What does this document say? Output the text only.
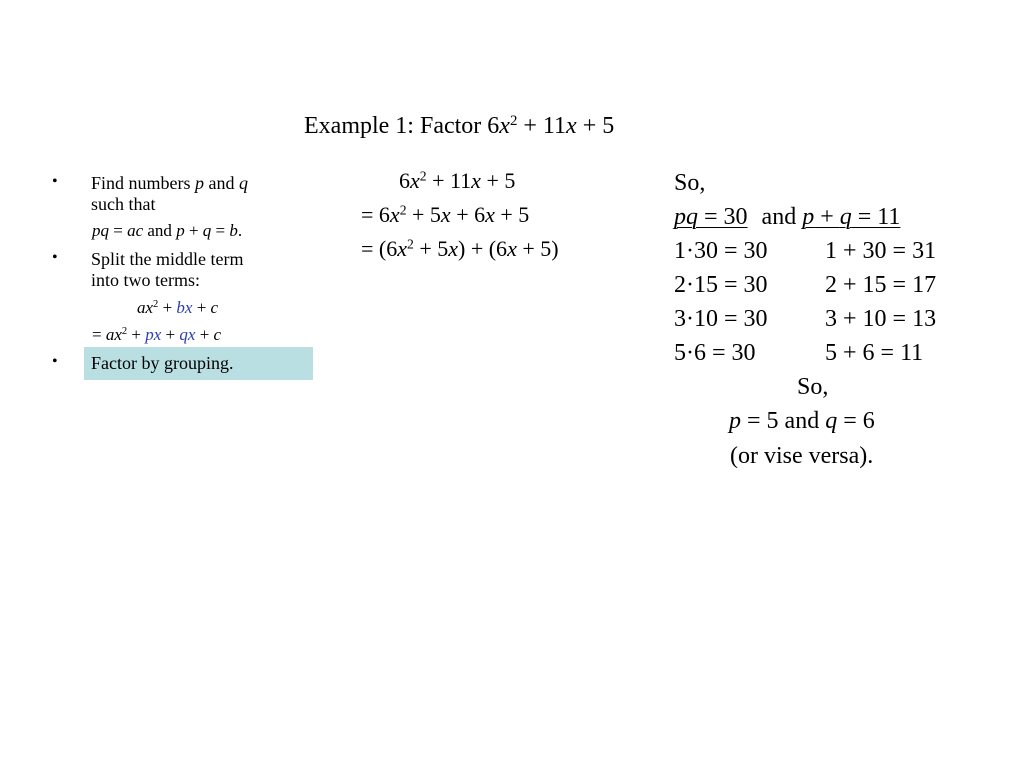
Example 1: Factor $6x^2 + 11x + 5$
• Find numbers p and q
such that
pq = ac and p + q = b.
• Split the middle term
into two terms:
$ax^2$ + bx + c
= $ax^2$ + px + qx + c
• Factor by grouping.
$6x^2 + 11x + 5$
= $6x^2 + 5x + 6x + 5$
= $(6x^2 + 5x) + (6x + 5)$
So,
pq = 30 and p + q = 11
1·30 = 30 1 + 30 = 31
2·15 = 30 2 + 15 = 17
3·10 = 30 3 + 10 = 13
5·6 = 30	5 + 6 = 11
So,
p = 5 and q = 6
(or vise versa).
